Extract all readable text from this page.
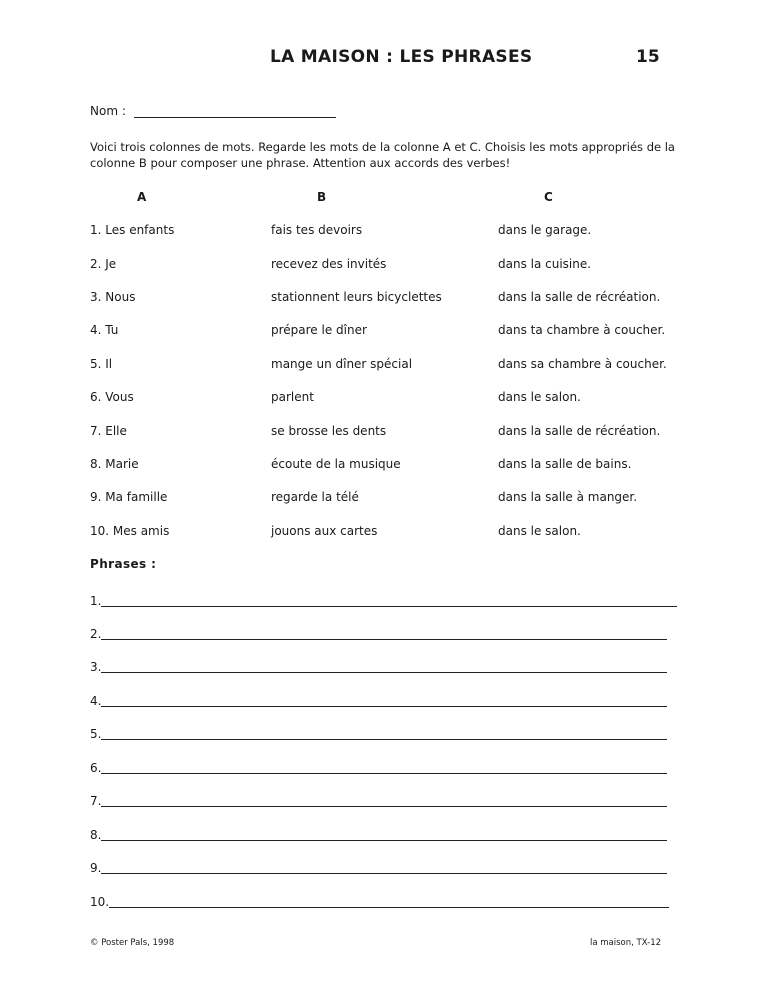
LA MAISON : LES PHRASES	15
Nom :
Voici trois colonnes de mots. Regarde les mots de la colonne A et C. Choisis les mots appropriés de la colonne B pour composer une phrase. Attention aux accords des verbes!
A	B	C
1. Les enfants	fais tes devoirs	dans le garage.
2. Je	recevez des invités	dans la cuisine.
3. Nous	stationnent leurs bicyclettes	dans la salle de récréation.
4. Tu	prépare le dîner	dans ta chambre à coucher.
5. Il	mange un dîner spécial	dans sa chambre à coucher.
6. Vous	parlent	dans le salon.
7. Elle	se brosse les dents	dans la salle de récréation.
8. Marie	écoute de la musique	dans la salle de bains.
9. Ma famille	regarde la télé	dans la salle à manger.
10. Mes amis	jouons aux cartes	dans le salon.
Phrases :
1.
2.
3.
4.
5.
6.
7.
8.
9.
10.
© Poster Pals, 1998	la maison, TX-12
